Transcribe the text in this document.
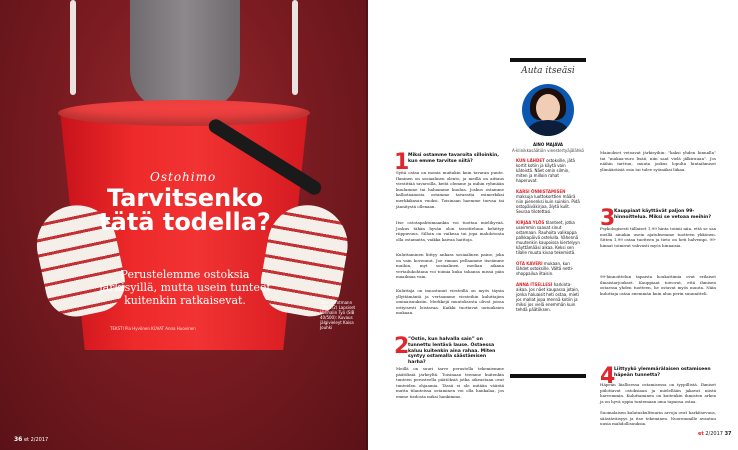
Ostohimo
Tarvitsenko tätä todella?
Perustelemme ostoksia järkisyillä, mutta usein tunteet kuitenkin ratkaisevat.
TEKSTI Pia Hyvönen KUVAT Anna Huovinen
Taksi Strotmann (SIB 1/2) Lapsiset Venhalin Työ (SIB 40/500): Kuvaus jälgivieleyt Kaisa Jouhki
36 et 2/2017
1
Miksi ostamme tavaroita silloinkin, kun emme tarvitse niitä?
Syitä ostaa on monia muitakin kuin tavaran puute. Ihminen on sosiaalinen olento, ja meillä on aittaus viestittää tavaroilla, keitä olemme ja mihin ryhmään kuulumme tai haluamme kuulua. Joskus ostamme kalliotaamista ostamme tavaratta esimerkiksi merkkikasan vuoksi. Toisinaan haemme turvaa tai jännitystä ollenaan.
Itse ostotapahtumaankin voi tuottaa mielihyvää. Joskus tähän hyvän olon tavoitteluun kehittyy riippuvuus. Silloin on vaikeaa tai jopa mahdotonta olla ostamatta, vaikka kaivaa haittoja.
Kuluttaminen liittyy ankara sosiaalinen paine, joka on vain kovennut. Joe rinnan pellaamme itseämme muihin, myt sosiaalinen median aikana vertailukohtana voi toimia kuka tahansa missä päin maailmaa vain.
Kuluttaja on innostunut viesteillä on myös täysin yllyttämäntä ja vertaamme viesteihin kuluttajien ominaisuuksiin. Merkkejä muutoksesta olivat joissa erityisesti loistavaa. Kaikki tuottavat uutuuksien mukaan.
2
”Ostin, kun halvalla sain” on tunnettu lentävä lause. Ostaessa kaluu kuitenkin aina rahaa. Miten syntyy ostamalla säästämisen harha?
Meillä on suuri tarve perustella tekemiemme päätöksiä järkeyltä. Toisinaan teemme kuitenkin tunteen perusteella päätöksiä jotka oikeastaan ovat tunteiden ohjaamia. Tässä ei ole mitään väärää mutta tilanteissa ostaminen voi olla hankalaa, jos emme tiedosta miksi hankimme.
Auta itseäsi
AINO MAJAVA
A-klinikkasäätiön vieestertyäjälähkö
KUN LÄHDET ostoksille, jätä kortit kotiin ja käytä vain käteistä. Näet omin silmin, miten ja milloin rahat haperuvat.
KARSI ÖNNISTAMISEN maksuja luottokorttien määrä niin pienenksi kuin suinkin. Pidä ostopäiväkirjaa, älytä kulit. Seuraa tilotettasi.
KIRJAA YLÖS tilanteet, jotka useimmin saavat sinut ostamaan. Rauhoita valikoppa palkkapäivä ostelulla. Vähennä muutenkin kaupoissa kiertelyyn käyttämääsi aikaa. Keksi sen tilalle muuta kivaa tekemistä.
OTA KAVERI mukaan, kun lähdet ostoksille. Vältä netti-shoppailua iltaisin.
ANNA ITSELLESI harkinta-aikaa. Jos näet kaupassa jotain, jonka haluaisit heti ostaa, mieti jos mallat jopa mennä kotiin ja miksi jos vielä enemmän kuin tehdä päätöksen.
Mainokset vetoavat järkisyihin: ”kaksi yhden hinnalla” tai ”mukaa-euro lisää, niin saat vielä jälkiruuan”. Jos näihin tarttuu, muuta joskus lopulta hintaihmiset ylimääräisiä osia tai tulee syömäksi liikaa.
3
Kauppiaat käyttävät paljon 99-hinnoittelua. Miksi se vetoaa meihin?
Psykologisesti tällaiset 1,99 hinta toimii niin, että se saa meillä ainakin usein ajatuksemme tuotteen ykkönen. Sitten 1,99 ostaa tuotteen ja tieto on heti halvempi. 99-hinnat toimivat vahvasti myös hinnaisia.
99-hinnoittelun tapaista houkuttimia ovat erilaiset ilmaistarjoukset. Kauppiaat toivovat, että ihmisen ostaessa yhden tuotteen, he ostavat myös muuta. Näin kuluttaja ostaa enemmän kuin alun perin suunnitteli.
4
Liittyykö ylemmärälaisen ostamiseen häpeän tunnetta?
Häpeän liiallisessa ostamisessa on tyypillistä. Ihmiset piilottavat ostoksiaan ja mielellään jakavat niistä harvemmin. Kuluttaminen on kuitenkin ihmisten arkea ja on hyvä oppia tuntemaan oma tapansa ostaa.
Suomalaisen kulutuskulttuurin arvoja ovat harkitsevuus, säästäväisyys ja itse tekeminen. Nuoremmille avautuu uusia mahdollisuuksia.
et 2/2017 37
